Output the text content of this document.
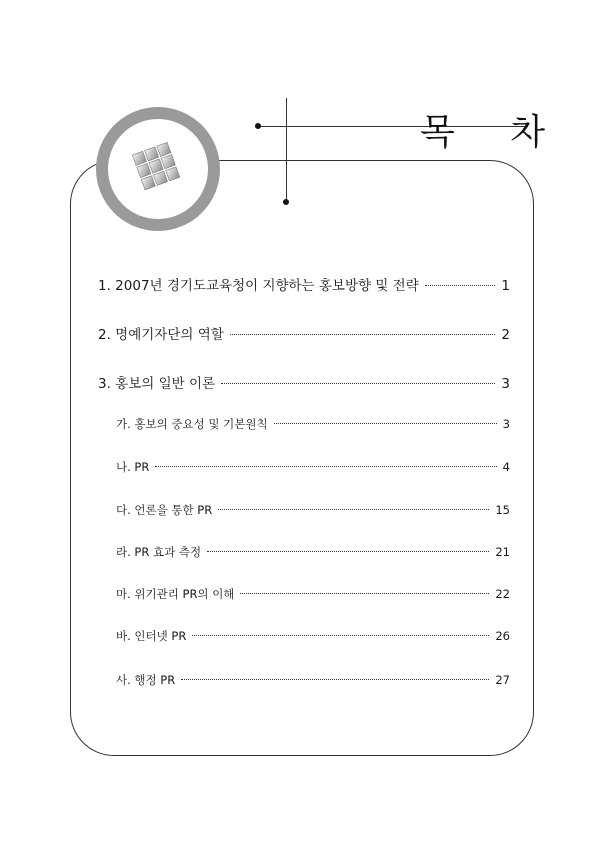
목 차
1. 2007년 경기도교육청이 지향하는 홍보방향 및 전략	1
2. 명예기자단의 역할	2
3. 홍보의 일반 이론	3
가. 홍보의 중요성 및 기본원칙	3
나. PR	4
다. 언론을 통한 PR	15
라. PR 효과 측정	21
마. 위기관리 PR의 이해	22
바. 인터넷 PR	26
사. 행정 PR	27
